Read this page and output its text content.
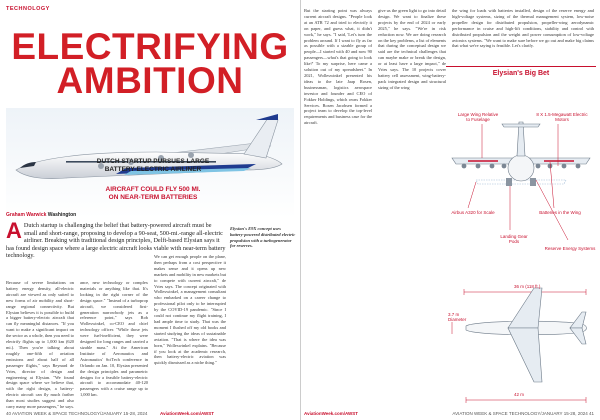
TECHNOLOGY
ELECTRIFYING
AMBITION
DUTCH STARTUP PURSUES LARGE
BATTERY-ELECTRIC AIRLINER
AIRCRAFT COULD FLY 500 MI.
ON NEAR-TERM BATTERIES
Elysian's E9X concept uses battery-powered distributed electric propulsion with a turbogenerator for reserves.
Graham Warwick Washington
A Dutch startup is challenging the belief that battery-powered aircraft must be small and short-range, proposing to develop a 90-seat, 500-mi.-range all-electric airliner. Breaking with traditional design principles, Delft-based Elysian says it has found design space where a large electric aircraft looks viable with near-term battery technology.
Because of severe limitations on battery energy density, all-electric aircraft are viewed as only suited to new forms of air mobility and short-range regional connectivity. But Elysian believes it is possible to build a bigger battery-electric aircraft that can fly meaningful distances. "If you want to make a significant impact on the sector as a whole, then you need to electrify flights up to 1,000 km (620 mi.). Then you're talking about roughly one-fifth of aviation emissions and about half of all passenger flights," says Reynard de Vries, director of design and engineering at Elysian. "We found design space where we believe that, with the right design, a battery-electric aircraft can fly much farther than most studies suggest and also carry many more passengers," he says.
ance, new technology or complex materials or anything like that. It's looking in the right corner of the design space." "Instead of a turboprop aircraft, we considered first-generation narrowbody jets as a reference point," says Rob Wolleswinkel, co-CEO and chief technology officer. "While those jets were fuel-inefficient, they were designed for long ranges and carried a sizable mass." At the American Institute of Aeronautics and Astronautics' SciTech conference in Orlando on Jan. 10, Elysian presented the design principles and parametric designs for a feasible battery-electric aircraft to accommodate 40-120 passengers with a cruise range up to 1,000 km.
We can get enough people on the plane, then perhaps from a cost perspective it makes sense and it opens up new markets and mobility in new markets but to compete with current aircraft," de Vries says. The concept originated with Wolleswinkel, a management consultant who embarked on a career change to professional pilot only to be interrupted by the COVID-19 pandemic. "Since I could not continue my flight training, I had ample time to study. That was the moment I flushed off my old books and started studying the ideas of sustainable aviation. "That is where the idea was born," Wolleswinkel explains. "Because if you look at the academic research, then battery-electric aviation was quickly dismissed as a niche thing."
40 AVIATION WEEK & SPACE TECHNOLOGY/JANUARY 15-28, 2024	AviationWeek.com/AWST
But the starting point was always current aircraft designs. "People look at an ATR 72 and tried to electrify it on paper, and guess what, it didn't work," he says. "I said, 'Let's turn the problem around. If I want to fly as far as possible with a sizable group of people—I started with 40 and now 90 passengers—what's that going to look like?' To my surprise, here came a solution out of my spreadsheet." In 2021, Wolleswinkel presented his ideas to the late Jaap Rosen, businessman, logistics aerospace investor and founder and CEO of Fokker Holdings, which owns Fokker Services. Rosen Jacobsen formed a project team to develop the top-level requirements and business case for the aircraft.
give us the green light to go into detail design. We want to finalize these projects by the end of 2024 or early 2025," he says. "We're in risk reduction now. We are doing research on the key problems, a list of elements that during the conceptual design we said are the technical challenges that can maybe make or break the design, or at least have a large impact," de Vries says. The 10 projects cover battery cell assessment, wing-battery-pack integrated design and structural sizing of the wing
the wing for loads with batteries installed, design of the reserve energy and high-voltage systems, sizing of the thermal management system, low-noise propeller design for distributed propulsion, propeller-wing aerodynamic performance in cruise and high-lift conditions, stability and control with distributed propulsion and the weight and power consumption of low-voltage avionics systems. "We want to make sure before we go out and make big claims that what we're saying is feasible. Let's clarify.
Elysian's Big Bet
Large Wing Relative to Fuselage
8 X 1.5-Megawatt Electric Motors
Airbus A320 for Scale	Batteries in the Wing
Landing Gear Pods
Reserve Energy Systems
36 m (118 ft.)
3.7 m Diameter
42 m
AviationWeek.com/AWST	AVIATION WEEK & SPACE TECHNOLOGY/JANUARY 15-28, 2024 41
